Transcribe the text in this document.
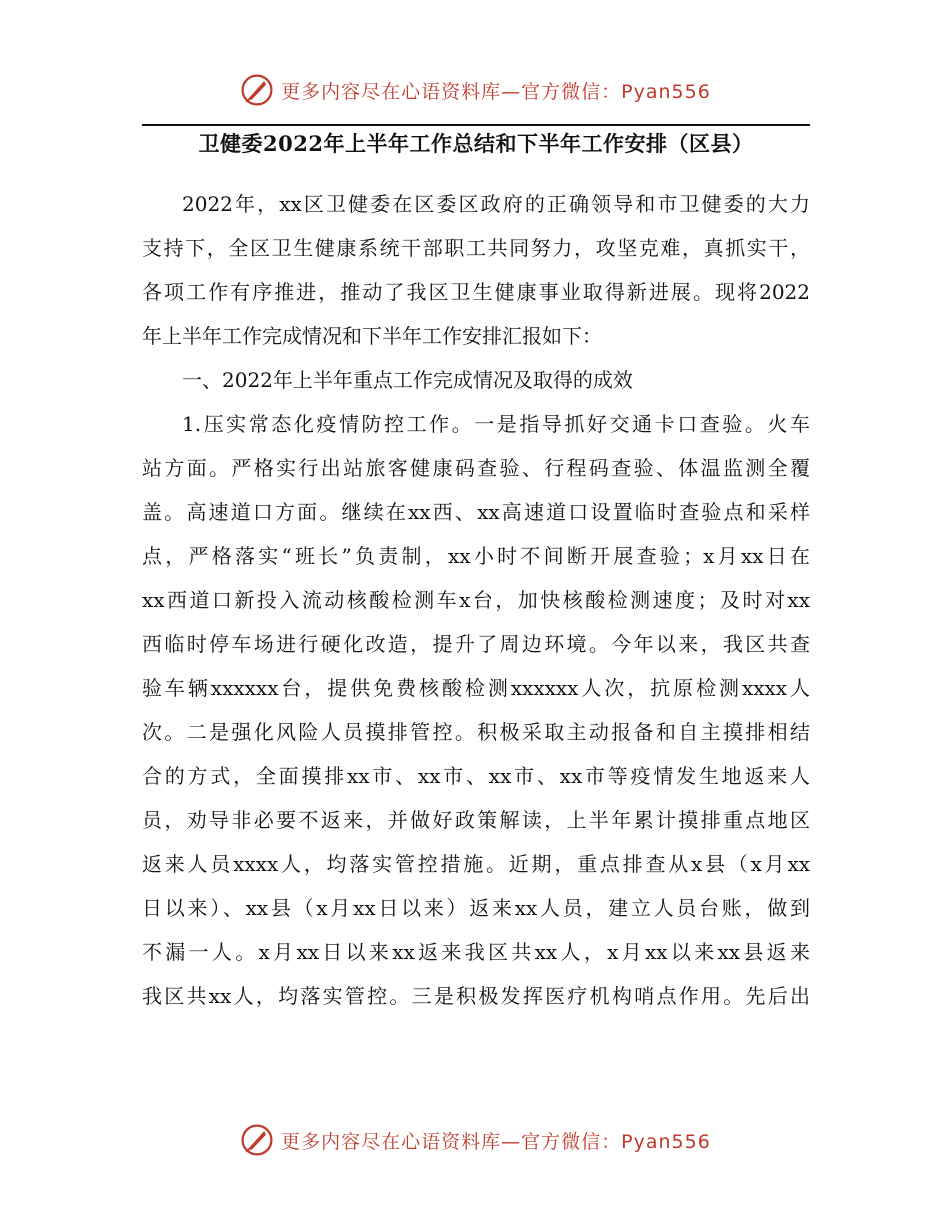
更多内容尽在心语资料库—官方微信：Pyan556
卫健委2022年上半年工作总结和下半年工作安排（区县）

2022年，xx区卫健委在区委区政府的正确领导和市卫健委的大力

支持下，全区卫生健康系统干部职工共同努力，攻坚克难，真抓实干，

各项工作有序推进，推动了我区卫生健康事业取得新进展。现将2022

年上半年工作完成情况和下半年工作安排汇报如下：

一、2022年上半年重点工作完成情况及取得的成效

1.压实常态化疫情防控工作。一是指导抓好交通卡口查验。火车

站方面。严格实行出站旅客健康码查验、行程码查验、体温监测全覆

盖。高速道口方面。继续在xx西、xx高速道口设置临时查验点和采样

点，严格落实“班长”负责制，xx小时不间断开展查验；x月xx日在

xx西道口新投入流动核酸检测车x台，加快核酸检测速度；及时对xx

西临时停车场进行硬化改造，提升了周边环境。今年以来，我区共查

验车辆xxxxxx台，提供免费核酸检测xxxxxx人次，抗原检测xxxx人

次。二是强化风险人员摸排管控。积极采取主动报备和自主摸排相结

合的方式，全面摸排xx市、xx市、xx市、xx市等疫情发生地返来人

员，劝导非必要不返来，并做好政策解读，上半年累计摸排重点地区

返来人员xxxx人，均落实管控措施。近期，重点排查从x县（x月xx

日以来）、xx县（x月xx日以来）返来xx人员，建立人员台账，做到

不漏一人。x月xx日以来xx返来我区共xx人，x月xx以来xx县返来

我区共xx人，均落实管控。三是积极发挥医疗机构哨点作用。先后出

更多内容尽在心语资料库—官方微信：Pyan556
